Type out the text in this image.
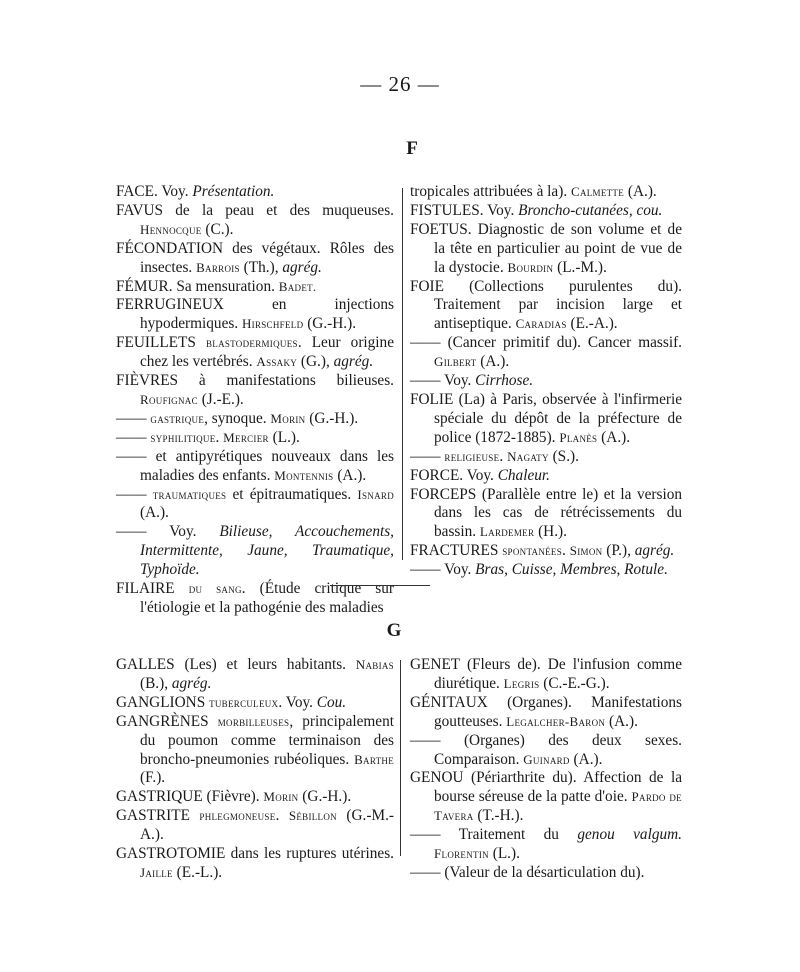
— 26 —
F

FACE. Voy. Présentation.

FAVUS de la peau et des muqueuses. Hennocque (C.).

FÉCONDATION des végétaux. Rôles des insectes. Barrois (Th.), agrég.

FÉMUR. Sa mensuration. Badet.

FERRUGINEUX en injections hypodermiques. Hirschfeld (G.-H.).

FEUILLETS blastodermiques. Leur origine chez les vertébrés. Assaky (G.), agrég.

FIÈVRES à manifestations bilieuses. Roufignac (J.-E.).

—— gastrique, synoque. Morin (G.-H.).

—— syphilitique. Mercier (L.).

—— et antipyrétiques nouveaux dans les maladies des enfants. Montennis (A.).

—— traumatiques et épitraumatiques. Isnard (A.).

—— Voy. Bilieuse, Accouchements, Intermittente, Jaune, Traumatique, Typhoïde.

FILAIRE du sang. (Étude critique sur l'étiologie et la pathogénie des maladies

tropicales attribuées à la). Calmette (A.).

FISTULES. Voy. Broncho-cutanées, cou.

FOETUS. Diagnostic de son volume et de la tête en particulier au point de vue de la dystocie. Bourdin (L.-M.).

FOIE (Collections purulentes du). Traitement par incision large et antiseptique. Caradias (E.-A.).

—— (Cancer primitif du). Cancer massif. Gilbert (A.).

—— Voy. Cirrhose.

FOLIE (La) à Paris, observée à l'infirmerie spéciale du dépôt de la préfecture de police (1872-1885). Planès (A.).

—— religieuse. Nagaty (S.).

FORCE. Voy. Chaleur.

FORCEPS (Parallèle entre le) et la version dans les cas de rétrécissements du bassin. Lardemer (H.).

FRACTURES spontanées. Simon (P.), agrég.

—— Voy. Bras, Cuisse, Membres, Rotule.

G

GALLES (Les) et leurs habitants. Nabias (B.), agrég.

GANGLIONS tuberculeux. Voy. Cou.

GANGRÈNES morbilleuses, principalement du poumon comme terminaison des broncho-pneumonies rubéoliques. Barthe (F.).

GASTRIQUE (Fièvre). Morin (G.-H.).

GASTRITE phlegmoneuse. Sébillon (G.-M.-A.).

GASTROTOMIE dans les ruptures utérines. Jaille (E.-L.).

GENET (Fleurs de). De l'infusion comme diurétique. Legris (C.-E.-G.).

GÉNITAUX (Organes). Manifestations goutteuses. Legalcher-Baron (A.).

—— (Organes) des deux sexes. Comparaison. Guinard (A.).

GENOU (Périarthrite du). Affection de la bourse séreuse de la patte d'oie. Pardo de Tavera (T.-H.).

—— Traitement du genou valgum. Florentin (L.).

—— (Valeur de la désarticulation du).
